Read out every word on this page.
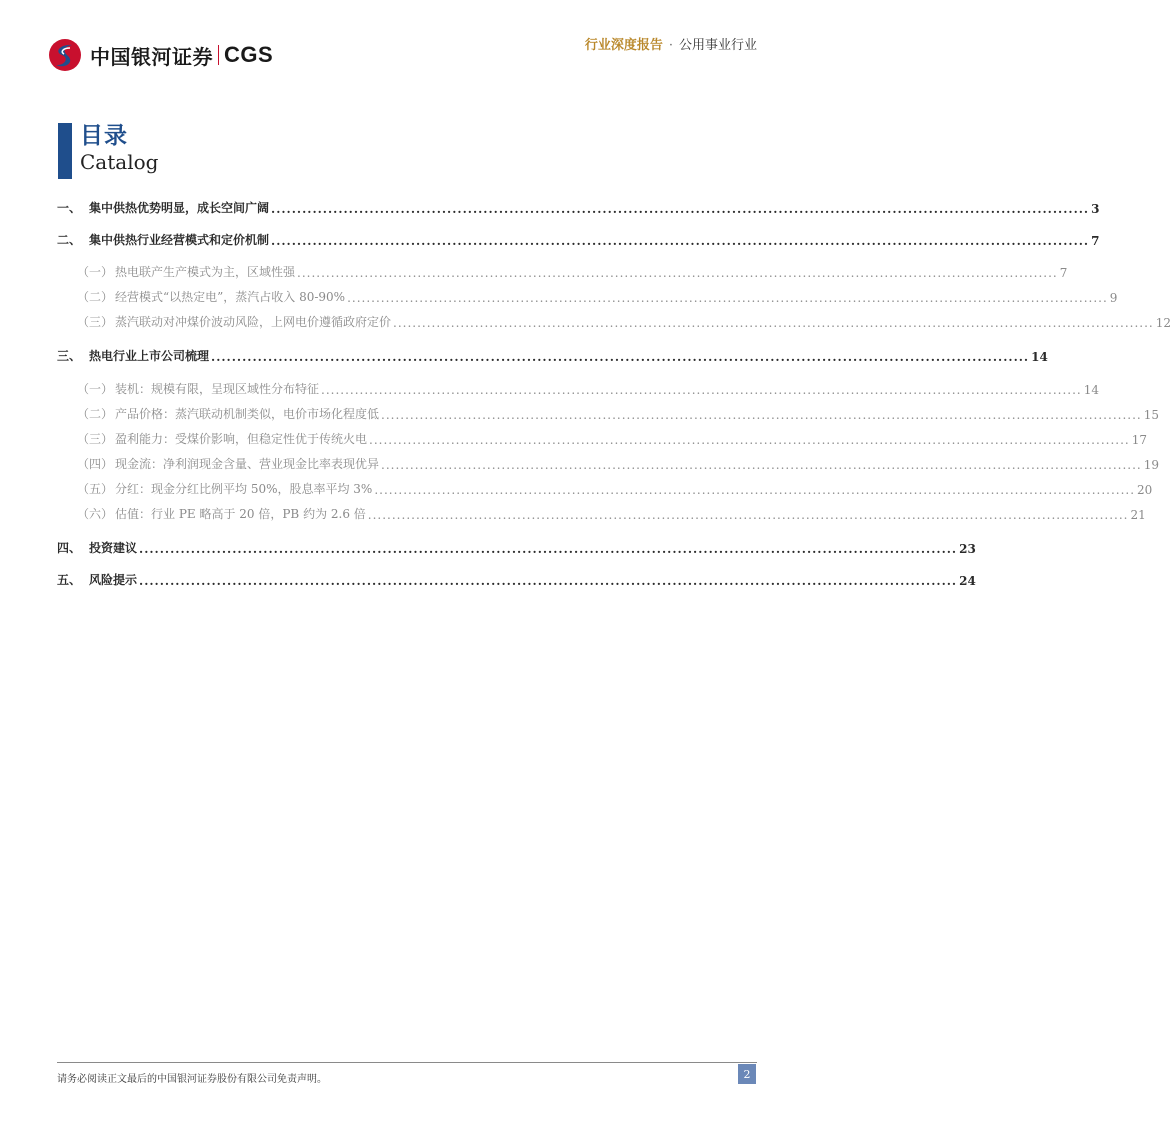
中国银河证券 CGS	行业深度报告 · 公用事业行业
目录
Catalog
一、 集中供热优势明显，成长空间广阔 .............................................................................................................................................................. 3
二、 集中供热行业经营模式和定价机制 .............................................................................................................................................................. 7
（一） 热电联产生产模式为主，区域性强 .............................................................................................................................................................. 7
（二） 经营模式“以热定电”，蒸汽占收入 80-90% .............................................................................................................................................................. 9
（三） 蒸汽联动对冲煤价波动风险，上网电价遵循政府定价 .............................................................................................................................................................. 12
三、 热电行业上市公司梳理 .............................................................................................................................................................. 14
（一） 装机：规模有限，呈现区域性分布特征 .............................................................................................................................................................. 14
（二） 产品价格：蒸汽联动机制类似，电价市场化程度低 .............................................................................................................................................................. 15
（三） 盈利能力：受煤价影响，但稳定性优于传统火电 .............................................................................................................................................................. 17
（四） 现金流：净利润现金含量、营业现金比率表现优异 .............................................................................................................................................................. 19
（五） 分红：现金分红比例平均 50%，股息率平均 3% .............................................................................................................................................................. 20
（六） 估值：行业 PE 略高于 20 倍，PB 约为 2.6 倍 .............................................................................................................................................................. 21
四、 投资建议 .............................................................................................................................................................. 23
五、 风险提示 .............................................................................................................................................................. 24
请务必阅读正文最后的中国银河证券股份有限公司免责声明。	2
